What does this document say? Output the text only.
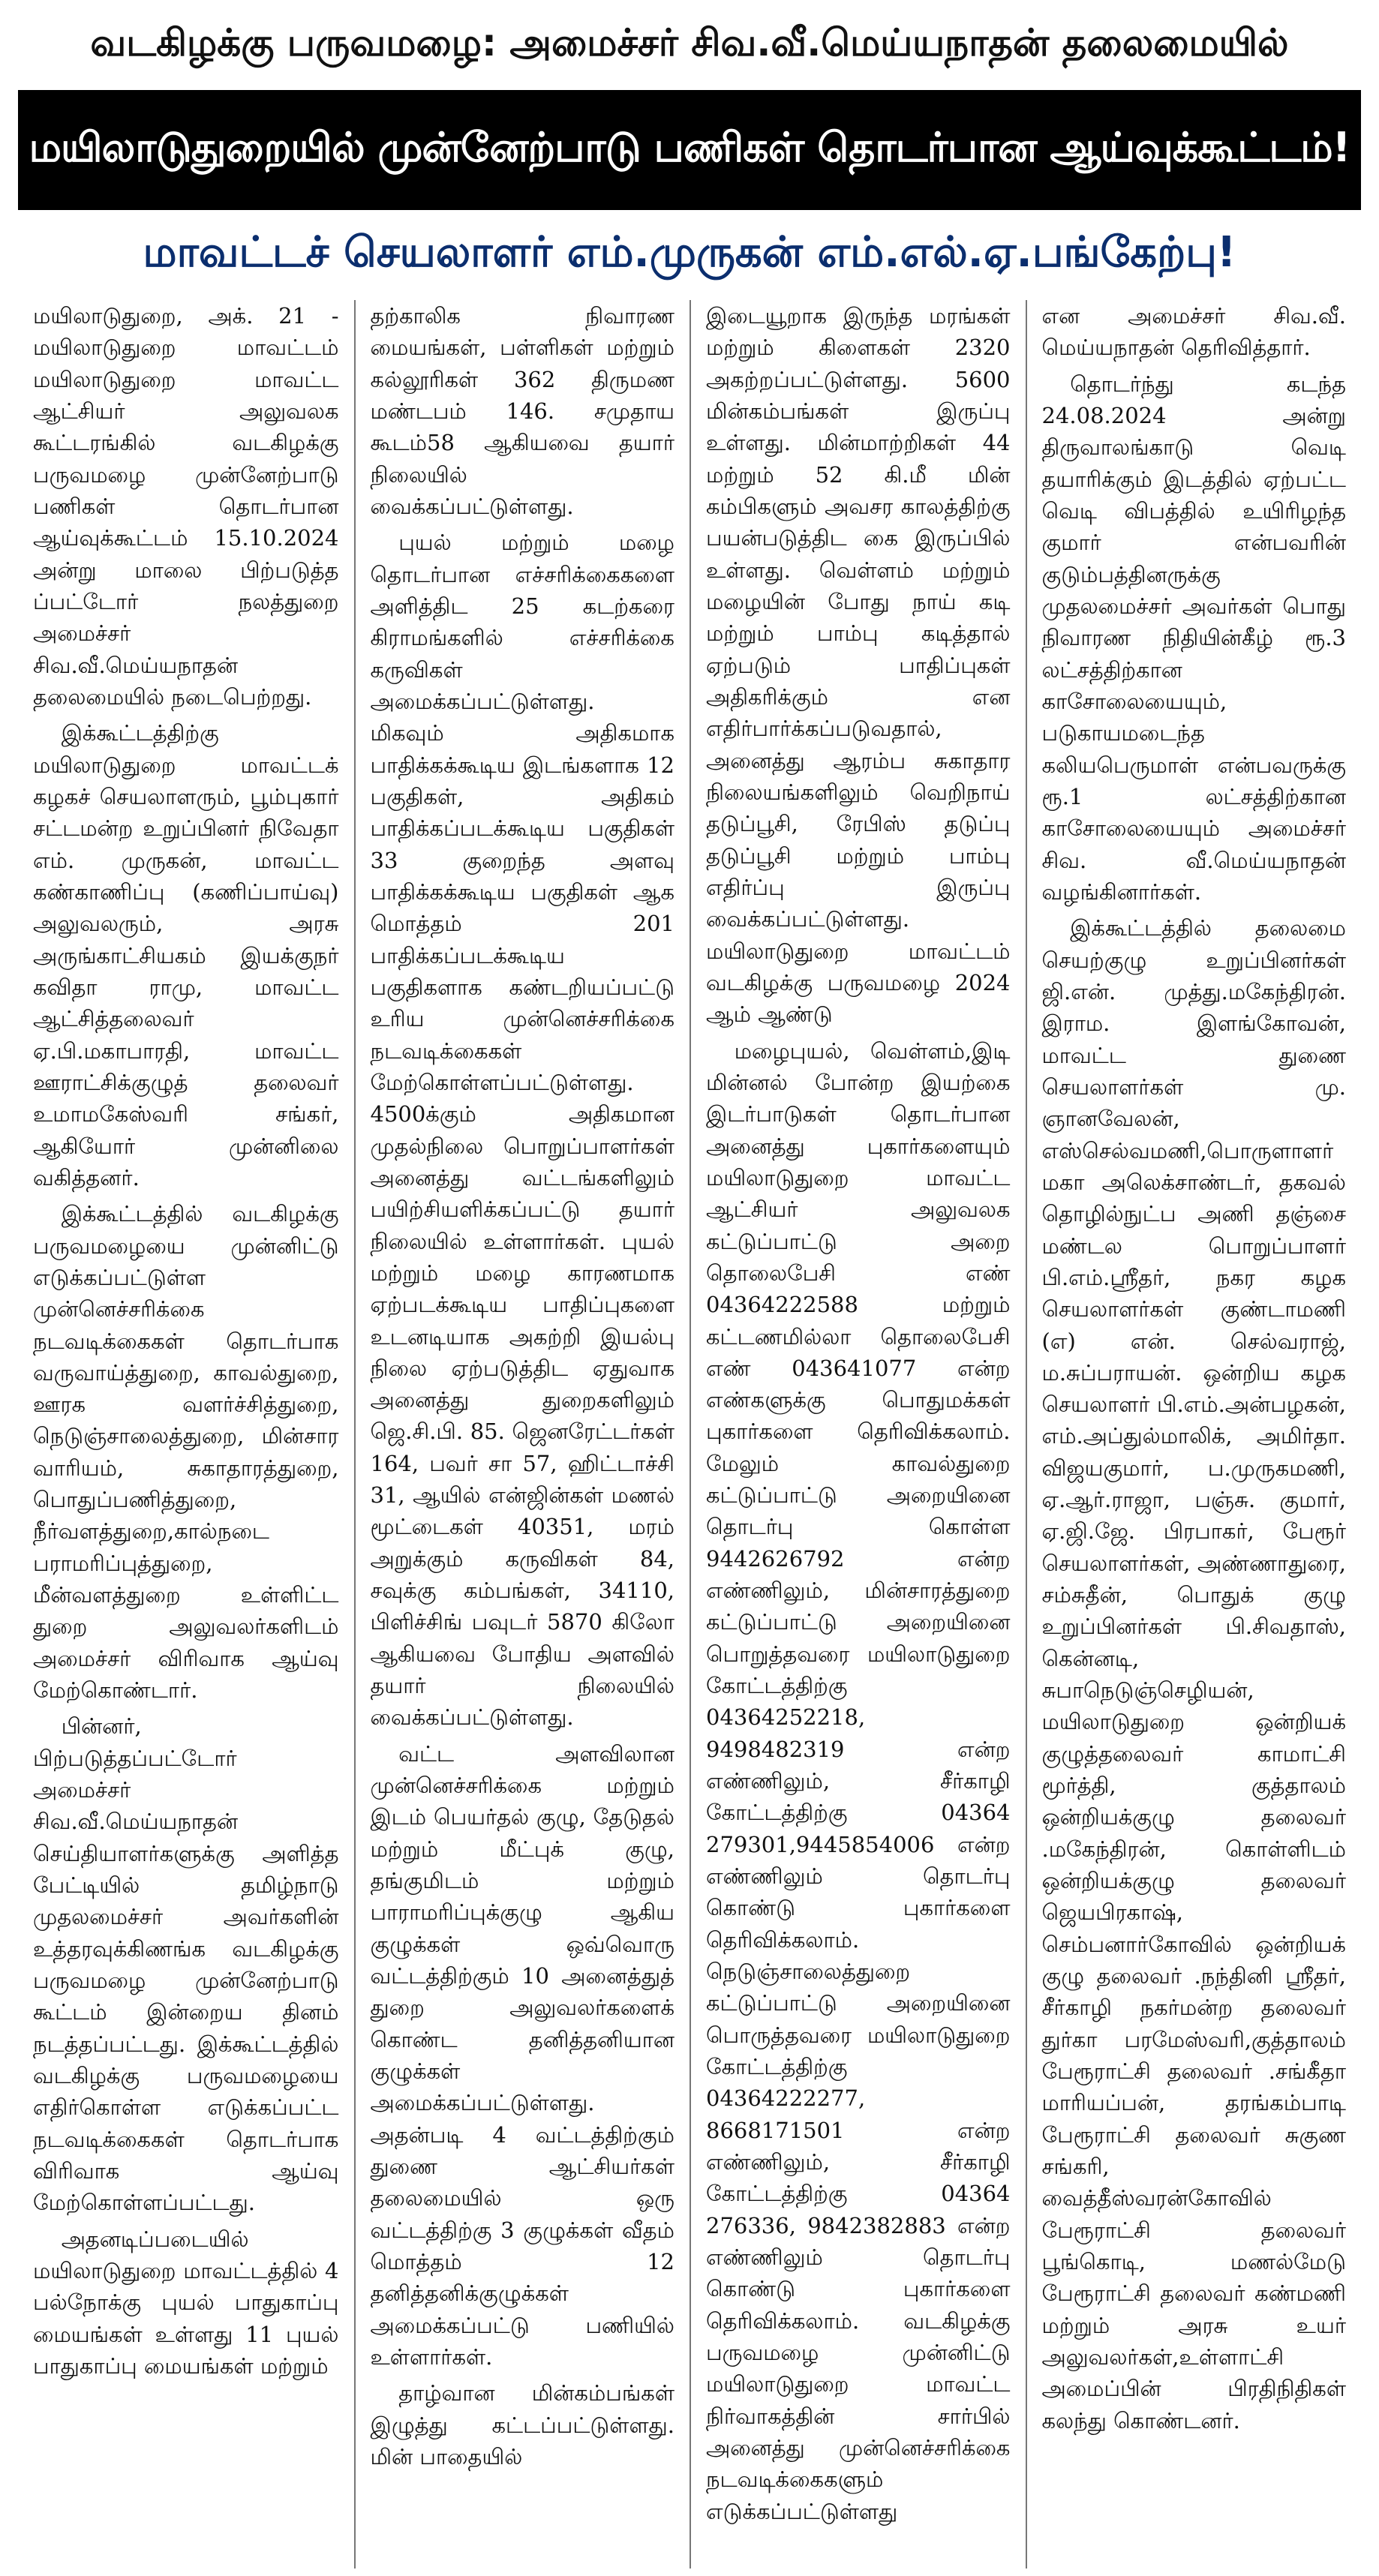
வடகிழக்கு பருவமழை: அமைச்சர் சிவ.வீ.மெய்யநாதன் தலைமையில்
மயிலாடுதுறையில் முன்னேற்பாடு பணிகள் தொடர்பான ஆய்வுக்கூட்டம்!
மாவட்டச் செயலாளர் எம்.முருகன் எம்.எல்.ஏ.பங்கேற்பு!

மயிலாடுதுறை, அக். 21 - மயிலாடுதுறை மாவட்டம் மயிலாடுதுறை மாவட்ட ஆட்சியர் அலுவலக கூட்டரங்கில் வடகிழக்கு பருவமழை முன்னேற்பாடு பணிகள் தொடர்பான ஆய்வுக்கூட்டம் 15.10.2024 அன்று மாலை பிற்படுத்த ப்பட்டோர் நலத்துறை அமைச்சர் சிவ.வீ.மெய்யநாதன் தலைமையில் நடைபெற்றது.

இக்கூட்டத்திற்கு மயிலாடுதுறை மாவட்டக் கழகச் செயலாளரும், பூம்புகார் சட்டமன்ற உறுப்பினர் நிவேதா எம். முருகன், மாவட்ட கண்காணிப்பு (கணிப்பாய்வு) அலுவலரும், அரசு அருங்காட்சியகம் இயக்குநர் கவிதா ராமு, மாவட்ட ஆட்சித்தலைவர் ஏ.பி.மகாபாரதி, மாவட்ட ஊராட்சிக்குழுத் தலைவர் உமாமகேஸ்வரி சங்கர், ஆகியோர் முன்னிலை வகித்தனர்.

இக்கூட்டத்தில் வடகிழக்கு பருவமழையை முன்னிட்டு எடுக்கப்பட்டுள்ள முன்னெச்சரிக்கை நடவடிக்கைகள் தொடர்பாக வருவாய்த்துறை, காவல்துறை, ஊரக வளர்ச்சித்துறை, நெடுஞ்சாலைத்துறை, மின்சார வாரியம், சுகாதாரத்துறை, பொதுப்பணித்துறை, நீர்வளத்துறை,கால்நடை பராமரிப்புத்துறை, மீன்வளத்துறை உள்ளிட்ட துறை அலுவலர்களிடம் அமைச்சர் விரிவாக ஆய்வு மேற்கொண்டார்.

பின்னர், பிற்படுத்தப்பட்டோர் அமைச்சர் சிவ.வீ.மெய்யநாதன் செய்தியாளர்களுக்கு அளித்த பேட்டியில் தமிழ்நாடு முதலமைச்சர் அவர்களின் உத்தரவுக்கிணங்க வடகிழக்கு பருவமழை முன்னேற்பாடு கூட்டம் இன்றைய தினம் நடத்தப்பட்டது. இக்கூட்டத்தில் வடகிழக்கு பருவமழையை எதிர்கொள்ள எடுக்கப்பட்ட நடவடிக்கைகள் தொடர்பாக விரிவாக ஆய்வு மேற்கொள்ளப்பட்டது.

அதனடிப்படையில் மயிலாடுதுறை மாவட்டத்தில் 4 பல்நோக்கு புயல் பாதுகாப்பு மையங்கள் உள்ளது 11 புயல் பாதுகாப்பு மையங்கள் மற்றும்

தற்காலிக நிவாரண மையங்கள், பள்ளிகள் மற்றும் கல்லூரிகள் 362 திருமண மண்டபம் 146. சமுதாய கூடம்58 ஆகியவை தயார் நிலையில் வைக்கப்பட்டுள்ளது.

புயல் மற்றும் மழை தொடர்பான எச்சரிக்கைகளை அளித்திட 25 கடற்கரை கிராமங்களில் எச்சரிக்கை கருவிகள் அமைக்கப்பட்டுள்ளது. மிகவும் அதிகமாக பாதிக்கக்கூடிய இடங்களாக 12 பகுதிகள், அதிகம் பாதிக்கப்படக்கூடிய பகுதிகள் 33 குறைந்த அளவு பாதிக்கக்கூடிய பகுதிகள் ஆக மொத்தம் 201 பாதிக்கப்படக்கூடிய பகுதிகளாக கண்டறியப்பட்டு உரிய முன்னெச்சரிக்கை நடவடிக்கைகள் மேற்கொள்ளப்பட்டுள்ளது. 4500க்கும் அதிகமான முதல்நிலை பொறுப்பாளர்கள் அனைத்து வட்டங்களிலும் பயிற்சியளிக்கப்பட்டு தயார் நிலையில் உள்ளார்கள். புயல் மற்றும் மழை காரணமாக ஏற்படக்கூடிய பாதிப்புகளை உடனடியாக அகற்றி இயல்பு நிலை ஏற்படுத்திட ஏதுவாக அனைத்து துறைகளிலும் ஜெ.சி.பி. 85. ஜெனரேட்டர்கள் 164, பவர் சா 57, ஹிட்டாச்சி 31, ஆயில் என்ஜின்கள் மணல் மூட்டைகள் 40351, மரம் அறுக்கும் கருவிகள் 84, சவுக்கு கம்பங்கள், 34110, பிளிச்சிங் பவுடர் 5870 கிலோ ஆகியவை போதிய அளவில் தயார் நிலையில் வைக்கப்பட்டுள்ளது.

வட்ட அளவிலான முன்னெச்சரிக்கை மற்றும் இடம் பெயர்தல் குழு, தேடுதல் மற்றும் மீட்புக் குழு, தங்குமிடம் மற்றும் பாராமரிப்புக்குழு ஆகிய குழுக்கள் ஒவ்வொரு வட்டத்திற்கும் 10 அனைத்துத் துறை அலுவலர்களைக் கொண்ட தனித்தனியான குழுக்கள் அமைக்கப்பட்டுள்ளது. அதன்படி 4 வட்டத்திற்கும் துணை ஆட்சியர்கள் தலைமையில் ஒரு வட்டத்திற்கு 3 குழுக்கள் வீதம் மொத்தம் 12 தனித்தனிக்குழுக்கள் அமைக்கப்பட்டு பணியில் உள்ளார்கள்.

தாழ்வான மின்கம்பங்கள் இழுத்து கட்டப்பட்டுள்ளது. மின் பாதையில்

இடையூறாக இருந்த மரங்கள் மற்றும் கிளைகள் 2320 அகற்றப்பட்டுள்ளது. 5600 மின்கம்பங்கள் இருப்பு உள்ளது. மின்மாற்றிகள் 44 மற்றும் 52 கி.மீ மின் கம்பிகளும் அவசர காலத்திற்கு பயன்படுத்திட கை இருப்பில் உள்ளது. வெள்ளம் மற்றும் மழையின் போது நாய் கடி மற்றும் பாம்பு கடித்தால் ஏற்படும் பாதிப்புகள் அதிகரிக்கும் என எதிர்பார்க்கப்படுவதால், அனைத்து ஆரம்ப சுகாதார நிலையங்களிலும் வெறிநாய் தடுப்பூசி, ரேபிஸ் தடுப்பு தடுப்பூசி மற்றும் பாம்பு எதிர்ப்பு இருப்பு வைக்கப்பட்டுள்ளது. மயிலாடுதுறை மாவட்டம் வடகிழக்கு பருவமழை 2024 ஆம் ஆண்டு

மழைபுயல், வெள்ளம்,இடி மின்னல் போன்ற இயற்கை இடர்பாடுகள் தொடர்பான அனைத்து புகார்களையும் மயிலாடுதுறை மாவட்ட ஆட்சியர் அலுவலக கட்டுப்பாட்டு அறை தொலைபேசி எண் 04364222588 மற்றும் கட்டணமில்லா தொலைபேசி எண் 043641077 என்ற எண்களுக்கு பொதுமக்கள் புகார்களை தெரிவிக்கலாம். மேலும் காவல்துறை கட்டுப்பாட்டு அறையினை தொடர்பு கொள்ள 9442626792 என்ற எண்ணிலும், மின்சாரத்துறை கட்டுப்பாட்டு அறையினை பொறுத்தவரை மயிலாடுதுறை கோட்டத்திற்கு 04364252218, 9498482319 என்ற எண்ணிலும், சீர்காழி கோட்டத்திற்கு 04364 279301,9445854006 என்ற எண்ணிலும் தொடர்பு கொண்டு புகார்களை தெரிவிக்கலாம். நெடுஞ்சாலைத்துறை கட்டுப்பாட்டு அறையினை பொருத்தவரை மயிலாடுதுறை கோட்டத்திற்கு 04364222277, 8668171501 என்ற எண்ணிலும், சீர்காழி கோட்டத்திற்கு 04364 276336, 9842382883 என்ற எண்ணிலும் தொடர்பு கொண்டு புகார்களை தெரிவிக்கலாம். வடகிழக்கு பருவமழை முன்னிட்டு மயிலாடுதுறை மாவட்ட நிர்வாகத்தின் சார்பில் அனைத்து முன்னெச்சரிக்கை நடவடிக்கைகளும் எடுக்கப்பட்டுள்ளது

என அமைச்சர் சிவ.வீ. மெய்யநாதன் தெரிவித்தார்.

தொடர்ந்து கடந்த 24.08.2024 அன்று திருவாலங்காடு வெடி தயாரிக்கும் இடத்தில் ஏற்பட்ட வெடி விபத்தில் உயிரிழந்த குமார் என்பவரின் குடும்பத்தினருக்கு முதலமைச்சர் அவர்கள் பொது நிவாரண நிதியின்கீழ் ரூ.3 லட்சத்திற்கான காசோலையையும், படுகாயமடைந்த கலியபெருமாள் என்பவருக்கு ரூ.1 லட்சத்திற்கான காசோலையையும் அமைச்சர் சிவ. வீ.மெய்யநாதன் வழங்கினார்கள்.

இக்கூட்டத்தில் தலைமை செயற்குழு உறுப்பினர்கள் ஜி.என். முத்து.மகேந்திரன். இராம. இளங்கோவன், மாவட்ட துணை செயலாளர்கள் மு. ஞானவேலன், எஸ்செல்வமணி,பொருளாளர் மகா அலெக்சாண்டர், தகவல் தொழில்நுட்ப அணி தஞ்சை மண்டல பொறுப்பாளர் பி.எம்.ஸ்ரீதர், நகர கழக செயலாளர்கள் குண்டாமணி (எ) என். செல்வராஜ், ம.சுப்பராயன். ஒன்றிய கழக செயலாளர் பி.எம்.அன்பழகன், எம்.அப்துல்மாலிக், அமிர்தா. விஜயகுமார், ப.முருகமணி, ஏ.ஆர்.ராஜா, பஞ்சு. குமார், ஏ.ஜி.ஜே. பிரபாகர், பேரூர் செயலாளர்கள், அண்ணாதுரை, சம்சுதீன், பொதுக் குழு உறுப்பினர்கள் பி.சிவதாஸ், கென்னடி, சுபாநெடுஞ்செழியன், மயிலாடுதுறை ஒன்றியக் குழுத்தலைவர் காமாட்சி மூர்த்தி, குத்தாலம் ஒன்றியக்குழு தலைவர் .மகேந்திரன், கொள்ளிடம் ஒன்றியக்குழு தலைவர் ஜெயபிரகாஷ், செம்பனார்கோவில் ஒன்றியக் குழு தலைவர் .நந்தினி ஸ்ரீதர், சீர்காழி நகர்மன்ற தலைவர் துர்கா பரமேஸ்வரி,குத்தாலம் பேரூராட்சி தலைவர் .சங்கீதா மாரியப்பன், தரங்கம்பாடி பேரூராட்சி தலைவர் சுகுண சங்கரி, வைத்தீஸ்வரன்கோவில் பேரூராட்சி தலைவர் பூங்கொடி, மணல்மேடு பேரூராட்சி தலைவர் கண்மணி மற்றும் அரசு உயர் அலுவலர்கள்,உள்ளாட்சி அமைப்பின் பிரதிநிதிகள் கலந்து கொண்டனர்.
